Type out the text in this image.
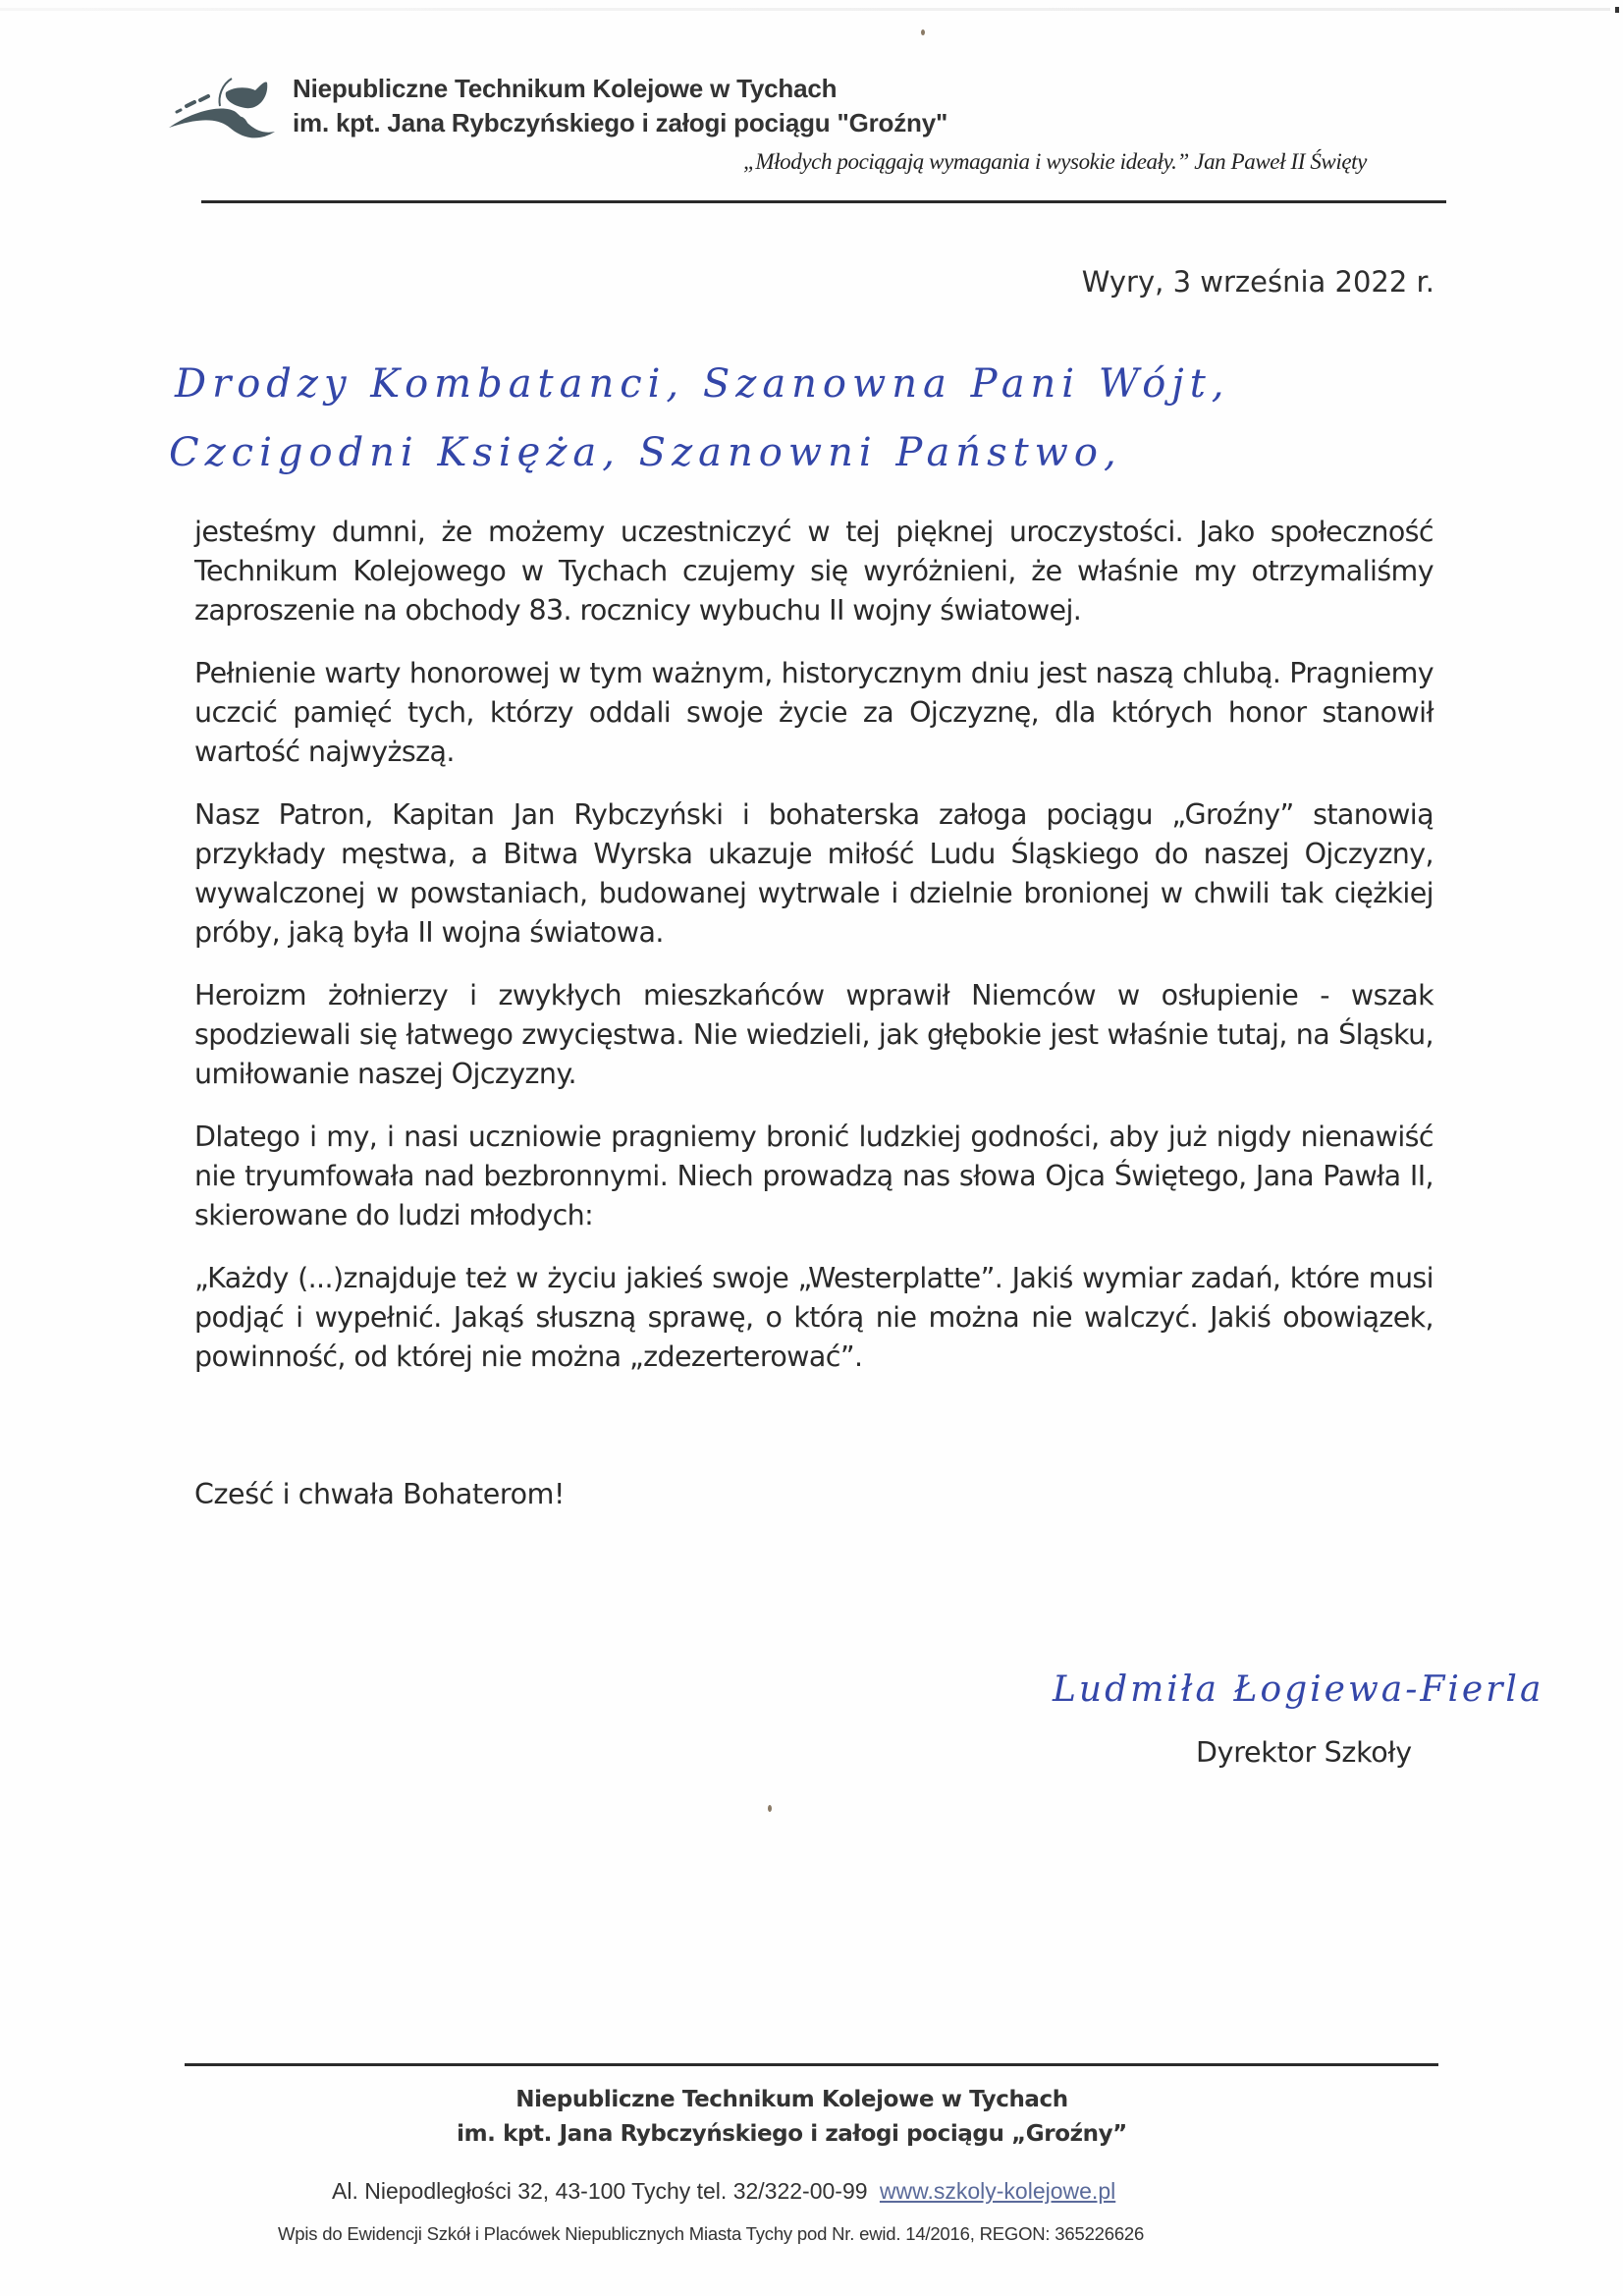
Niepubliczne Technikum Kolejowe w Tychach
im. kpt. Jana Rybczyńskiego i załogi pociągu "Groźny"
„Młodych pociągają wymagania i wysokie ideały.” Jan Paweł II Święty
Wyry, 3 września 2022 r.
Drodzy Kombatanci, Szanowna Pani Wójt,
Czcigodni Księża, Szanowni Państwo,

jesteśmy dumni, że możemy uczestniczyć w tej pięknej uroczystości. Jako społeczność Technikum Kolejowego w Tychach czujemy się wyróżnieni, że właśnie my otrzymaliśmy zaproszenie na obchody 83. rocznicy wybuchu II wojny światowej.

Pełnienie warty honorowej w tym ważnym, historycznym dniu jest naszą chlubą. Pragniemy uczcić pamięć tych, którzy oddali swoje życie za Ojczyznę, dla których honor stanowił wartość najwyższą.

Nasz Patron, Kapitan Jan Rybczyński i bohaterska załoga pociągu „Groźny” stanowią przykłady męstwa, a Bitwa Wyrska ukazuje miłość Ludu Śląskiego do naszej Ojczyzny, wywalczonej w powstaniach, budowanej wytrwale i dzielnie bronionej w chwili tak ciężkiej próby, jaką była II wojna światowa.

Heroizm żołnierzy i zwykłych mieszkańców wprawił Niemców w osłupienie - wszak spodziewali się łatwego zwycięstwa. Nie wiedzieli, jak głębokie jest właśnie tutaj, na Śląsku, umiłowanie naszej Ojczyzny.

Dlatego i my, i nasi uczniowie pragniemy bronić ludzkiej godności, aby już nigdy nienawiść nie tryumfowała nad bezbronnymi. Niech prowadzą nas słowa Ojca Świętego, Jana Pawła II, skierowane do ludzi młodych:

„Każdy (...)znajduje też w życiu jakieś swoje „Westerplatte”. Jakiś wymiar zadań, które musi podjąć i wypełnić. Jakąś słuszną sprawę, o którą nie można nie walczyć. Jakiś obowiązek, powinność, od której nie można „zdezerterować”.

Cześć i chwała Bohaterom!
Ludmiła Łogiewa-Fierla
Dyrektor Szkoły
Niepubliczne Technikum Kolejowe w Tychach
im. kpt. Jana Rybczyńskiego i załogi pociągu „Groźny”
Al. Niepodległości 32, 43-100 Tychy tel. 32/322-00-99 www.szkoly-kolejowe.pl
Wpis do Ewidencji Szkół i Placówek Niepublicznych Miasta Tychy pod Nr. ewid. 14/2016, REGON: 365226626
